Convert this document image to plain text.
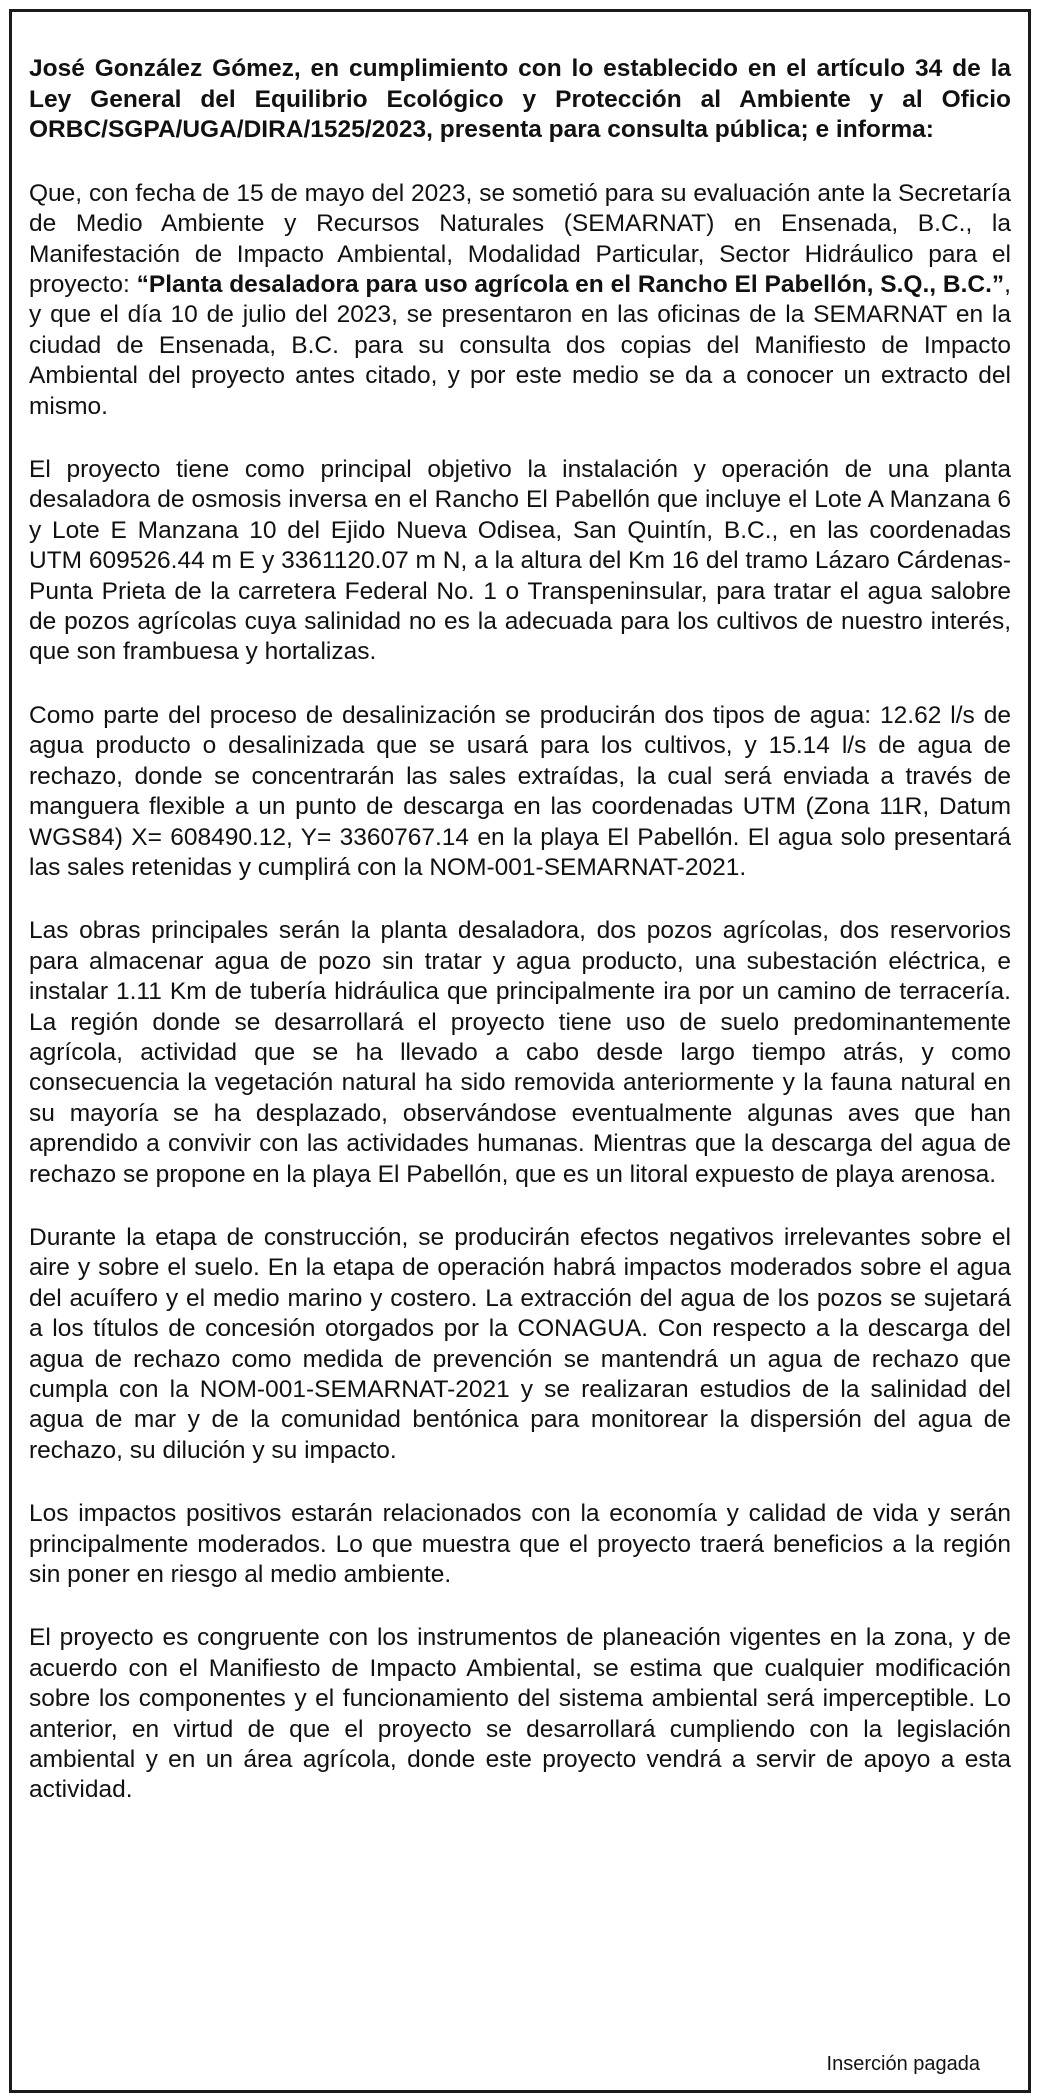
José González Gómez, en cumplimiento con lo establecido en el artículo 34 de la Ley General del Equilibrio Ecológico y Protección al Ambiente y al Oficio ORBC/SGPA/UGA/DIRA/1525/2023, presenta para consulta pública; e informa:

Que, con fecha de 15 de mayo del 2023, se sometió para su evaluación ante la Secretaría de Medio Ambiente y Recursos Naturales (SEMARNAT) en Ensenada, B.C., la Manifestación de Impacto Ambiental, Modalidad Particular, Sector Hidráulico para el proyecto: “Planta desaladora para uso agrícola en el Rancho El Pabellón, S.Q., B.C.”, y que el día 10 de julio del 2023, se presentaron en las oficinas de la SEMARNAT en la ciudad de Ensenada, B.C. para su consulta dos copias del Manifiesto de Impacto Ambiental del proyecto antes citado, y por este medio se da a conocer un extracto del mismo.

El proyecto tiene como principal objetivo la instalación y operación de una planta desaladora de osmosis inversa en el Rancho El Pabellón que incluye el Lote A Manzana 6 y Lote E Manzana 10 del Ejido Nueva Odisea, San Quintín, B.C., en las coordenadas UTM 609526.44 m E y 3361120.07 m N, a la altura del Km 16 del tramo Lázaro Cárdenas-Punta Prieta de la carretera Federal No. 1 o Transpeninsular, para tratar el agua salobre de pozos agrícolas cuya salinidad no es la adecuada para los cultivos de nuestro interés, que son frambuesa y hortalizas.

Como parte del proceso de desalinización se producirán dos tipos de agua: 12.62 l/s de agua producto o desalinizada que se usará para los cultivos, y 15.14 l/s de agua de rechazo, donde se concentrarán las sales extraídas, la cual será enviada a través de manguera flexible a un punto de descarga en las coordenadas UTM (Zona 11R, Datum WGS84) X= 608490.12, Y= 3360767.14 en la playa El Pabellón. El agua solo presentará las sales retenidas y cumplirá con la NOM-001-SEMARNAT-2021.

Las obras principales serán la planta desaladora, dos pozos agrícolas, dos reservorios para almacenar agua de pozo sin tratar y agua producto, una subestación eléctrica, e instalar 1.11 Km de tubería hidráulica que principalmente ira por un camino de terracería. La región donde se desarrollará el proyecto tiene uso de suelo predominantemente agrícola, actividad que se ha llevado a cabo desde largo tiempo atrás, y como consecuencia la vegetación natural ha sido removida anteriormente y la fauna natural en su mayoría se ha desplazado, observándose eventualmente algunas aves que han aprendido a convivir con las actividades humanas. Mientras que la descarga del agua de rechazo se propone en la playa El Pabellón, que es un litoral expuesto de playa arenosa.

Durante la etapa de construcción, se producirán efectos negativos irrelevantes sobre el aire y sobre el suelo. En la etapa de operación habrá impactos moderados sobre el agua del acuífero y el medio marino y costero. La extracción del agua de los pozos se sujetará a los títulos de concesión otorgados por la CONAGUA. Con respecto a la descarga del agua de rechazo como medida de prevención se mantendrá un agua de rechazo que cumpla con la NOM-001-SEMARNAT-2021 y se realizaran estudios de la salinidad del agua de mar y de la comunidad bentónica para monitorear la dispersión del agua de rechazo, su dilución y su impacto.

Los impactos positivos estarán relacionados con la economía y calidad de vida y serán principalmente moderados. Lo que muestra que el proyecto traerá beneficios a la región sin poner en riesgo al medio ambiente.

El proyecto es congruente con los instrumentos de planeación vigentes en la zona, y de acuerdo con el Manifiesto de Impacto Ambiental, se estima que cualquier modificación sobre los componentes y el funcionamiento del sistema ambiental será imperceptible. Lo anterior, en virtud de que el proyecto se desarrollará cumpliendo con la legislación ambiental y en un área agrícola, donde este proyecto vendrá a servir de apoyo a esta actividad.

Inserción pagada
